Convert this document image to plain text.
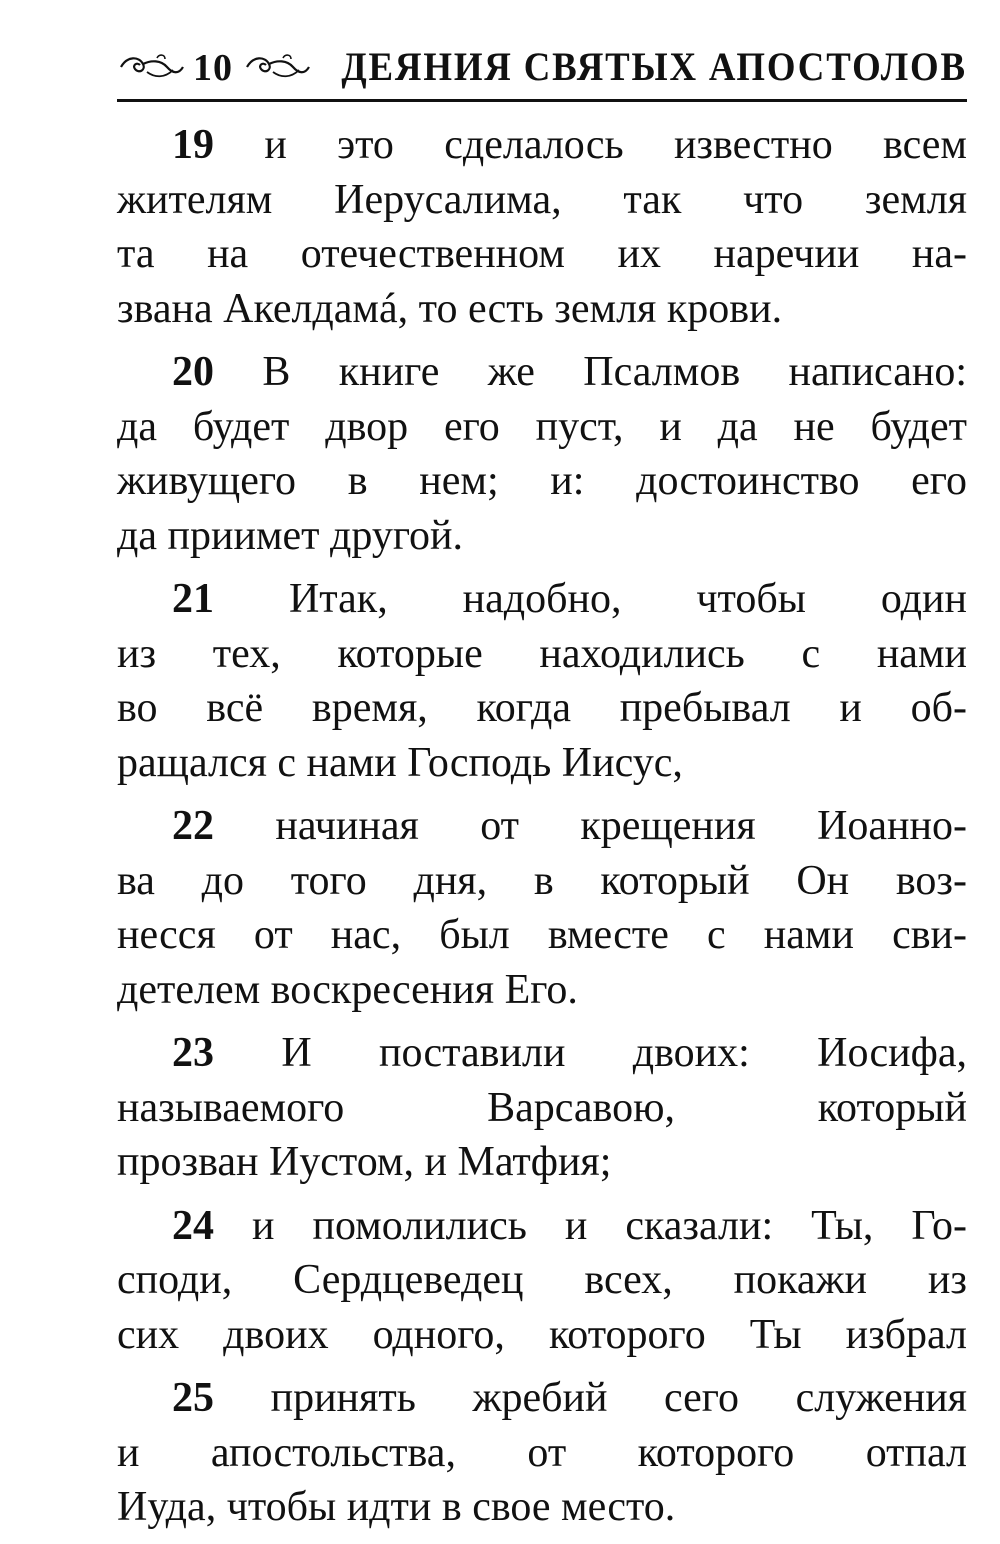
10	ДЕЯНИЯ СВЯТЫХ АПОСТОЛОВ
19 и это сделалось известно всем
жителям Иерусалима, так что земля
та на отечественном их наречии на-
звана Акелдамá, то есть земля крови.
20 В книге же Псалмов написано:
да будет двор его пуст, и да не будет
живущего в нем; и: достоинство его
да приимет другой.
21 Итак, надобно, чтобы один
из тех, которые находились с нами
во всё время, когда пребывал и об-
ращался с нами Господь Иисус,
22 начиная от крещения Иоанно-
ва до того дня, в который Он воз-
несся от нас, был вместе с нами сви-
детелем воскресения Его.
23 И поставили двоих: Иосифа,
называемого Варсавою, который
прозван Иустом, и Матфия;
24 и помолились и сказали: Ты, Го-
споди, Сердцеведец всех, покажи из
сих двоих одного, которого Ты избрал
25 принять жребий сего служения
и апостольства, от которого отпал
Иуда, чтобы идти в свое место.
